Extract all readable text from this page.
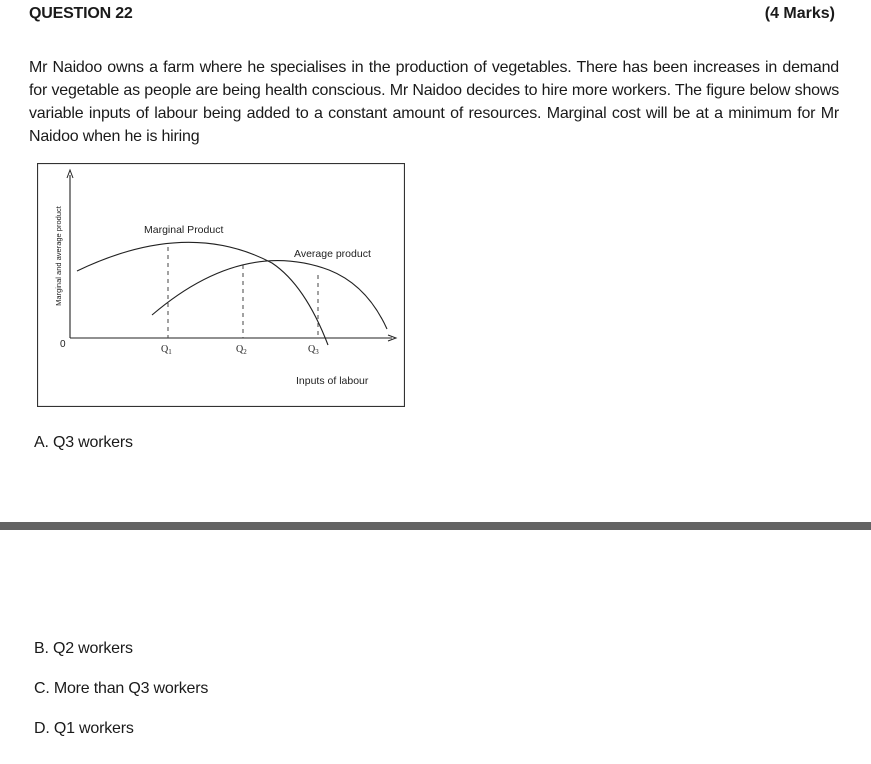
QUESTION 22	(4 Marks)
Mr Naidoo owns a farm where he specialises in the production of vegetables. There has been increases in demand for vegetable as people are being health conscious. Mr Naidoo decides to hire more workers. The figure below shows variable inputs of labour being added to a constant amount of resources. Marginal cost will be at a minimum for Mr Naidoo when he is hiring
Marginal and average product
0
Marginal Product
Average product
$Q_1$	$Q_2$	$Q_3$
Inputs of labour
A. Q3 workers
B. Q2 workers
C. More than Q3 workers
D. Q1 workers
